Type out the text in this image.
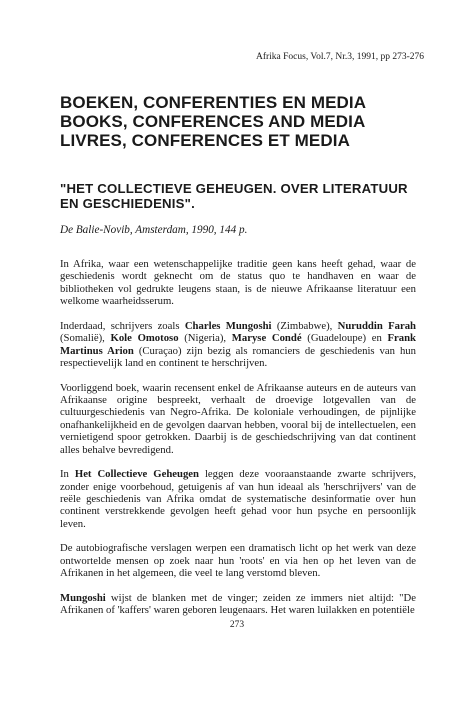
Afrika Focus, Vol.7, Nr.3, 1991, pp 273-276
BOEKEN, CONFERENTIES EN MEDIA
BOOKS, CONFERENCES AND MEDIA
LIVRES, CONFERENCES ET MEDIA
"HET COLLECTIEVE GEHEUGEN. OVER LITERATUUR EN GESCHIEDENIS".
De Balie-Novib, Amsterdam, 1990, 144 p.

In Afrika, waar een wetenschappelijke traditie geen kans heeft gehad, waar de geschiedenis wordt geknecht om de status quo te handhaven en waar de bibliotheken vol gedrukte leugens staan, is de nieuwe Afrikaanse literatuur een welkome waarheidsserum.

Inderdaad, schrijvers zoals Charles Mungoshi (Zimbabwe), Nuruddin Farah (Somalië), Kole Omotoso (Nigeria), Maryse Condé (Guadeloupe) en Frank Martinus Arion (Curaçao) zijn bezig als romanciers de geschiedenis van hun respectievelijk land en continent te herschrijven.

Voorliggend boek, waarin recensent enkel de Afrikaanse auteurs en de auteurs van Afrikaanse origine bespreekt, verhaalt de droevige lotgevallen van de cultuurgeschiedenis van Negro-Afrika. De koloniale verhoudingen, de pijnlijke onafhankelijkheid en de gevolgen daarvan hebben, vooral bij de intellectuelen, een vernietigend spoor getrokken. Daarbij is de geschiedschrijving van dat continent alles behalve bevredigend.

In Het Collectieve Geheugen leggen deze vooraanstaande zwarte schrijvers, zonder enige voorbehoud, getuigenis af van hun ideaal als 'herschrijvers' van de reële geschiedenis van Afrika omdat de systematische desinformatie over hun continent verstrekkende gevolgen heeft gehad voor hun psyche en persoonlijk leven.

De autobiografische verslagen werpen een dramatisch licht op het werk van deze ontwortelde mensen op zoek naar hun 'roots' en via hen op het leven van de Afrikanen in het algemeen, die veel te lang verstomd bleven.

Mungoshi wijst de blanken met de vinger; zeiden ze immers niet altijd: "De Afrikanen of 'kaffers' waren geboren leugenaars. Het waren luilakken en potentiële

273
